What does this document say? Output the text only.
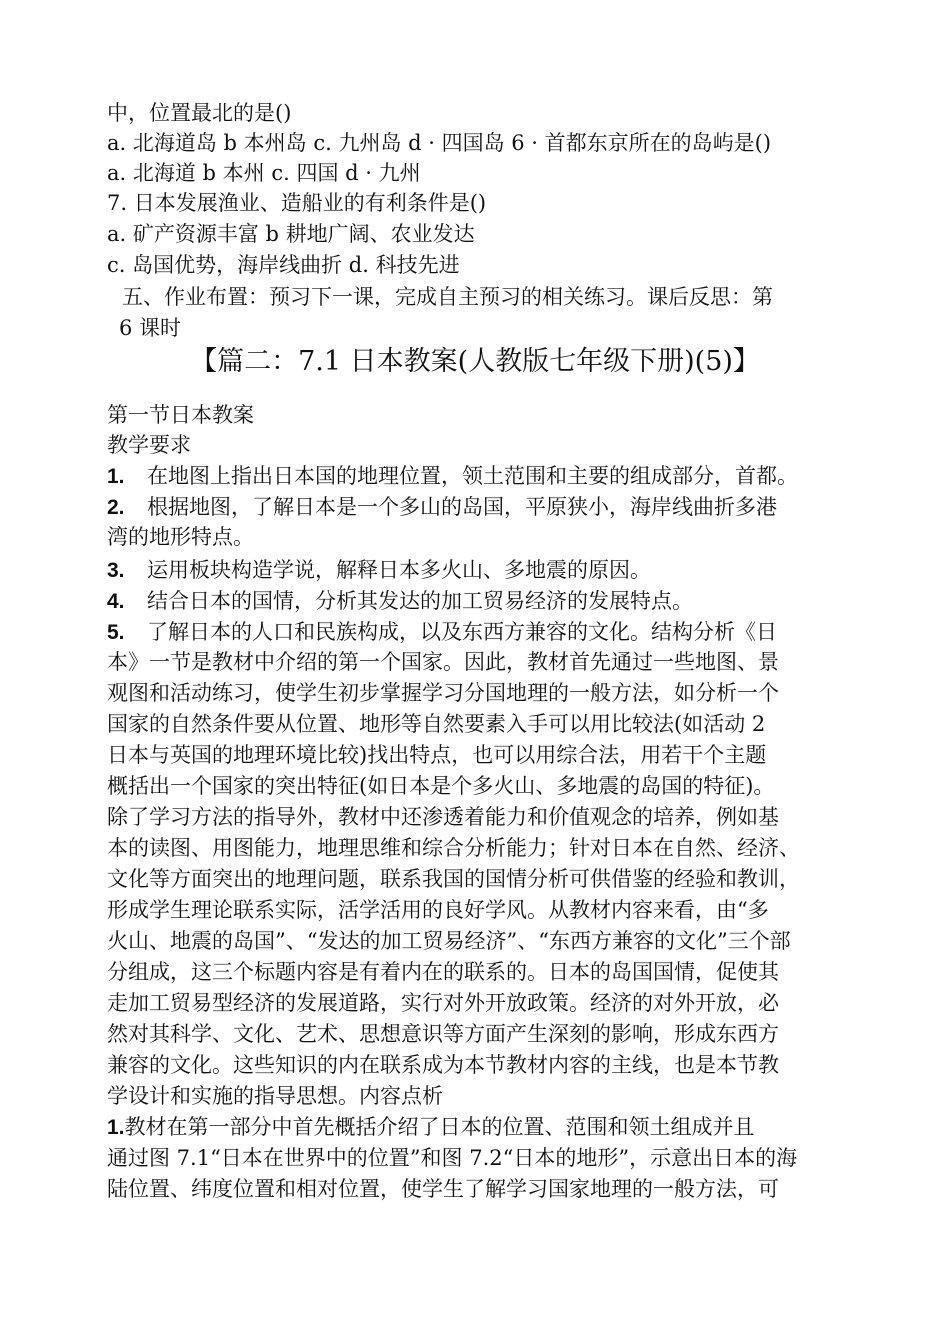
中，位置最北的是()
a. 北海道岛 b 本州岛 c. 九州岛 d · 四国岛 6 · 首都东京所在的岛屿是()
a. 北海道 b 本州 c. 四国 d · 九州
7. 日本发展渔业、造船业的有利条件是()
a. 矿产资源丰富 b 耕地广阔、农业发达
c. 岛国优势，海岸线曲折 d. 科技先进
五、作业布置：预习下一课，完成自主预习的相关练习。课后反思：第
6 课时
【篇二：7.1 日本教案(人教版七年级下册)(5)】
第一节日本教案
教学要求
1. 在地图上指出日本国的地理位置，领土范围和主要的组成部分，首都。
2. 根据地图，了解日本是一个多山的岛国，平原狭小，海岸线曲折多港
湾的地形特点。
3. 运用板块构造学说，解释日本多火山、多地震的原因。
4. 结合日本的国情，分析其发达的加工贸易经济的发展特点。
5. 了解日本的人口和民族构成，以及东西方兼容的文化。结构分析《日
本》一节是教材中介绍的第一个国家。因此，教材首先通过一些地图、景
观图和活动练习，使学生初步掌握学习分国地理的一般方法，如分析一个
国家的自然条件要从位置、地形等自然要素入手可以用比较法(如活动 2
日本与英国的地理环境比较)找出特点，也可以用综合法，用若干个主题
概括出一个国家的突出特征(如日本是个多火山、多地震的岛国的特征)。
除了学习方法的指导外，教材中还渗透着能力和价值观念的培养，例如基
本的读图、用图能力，地理思维和综合分析能力；针对日本在自然、经济、
文化等方面突出的地理问题，联系我国的国情分析可供借鉴的经验和教训，
形成学生理论联系实际，活学活用的良好学风。从教材内容来看，由“多
火山、地震的岛国”、“发达的加工贸易经济”、“东西方兼容的文化”三个部
分组成，这三个标题内容是有着内在的联系的。日本的岛国国情，促使其
走加工贸易型经济的发展道路，实行对外开放政策。经济的对外开放，必
然对其科学、文化、艺术、思想意识等方面产生深刻的影响，形成东西方
兼容的文化。这些知识的内在联系成为本节教材内容的主线，也是本节教
学设计和实施的指导思想。内容点析
1.教材在第一部分中首先概括介绍了日本的位置、范围和领土组成并且
通过图 7.1“日本在世界中的位置”和图 7.2“日本的地形”，示意出日本的海
陆位置、纬度位置和相对位置，使学生了解学习国家地理的一般方法，可
